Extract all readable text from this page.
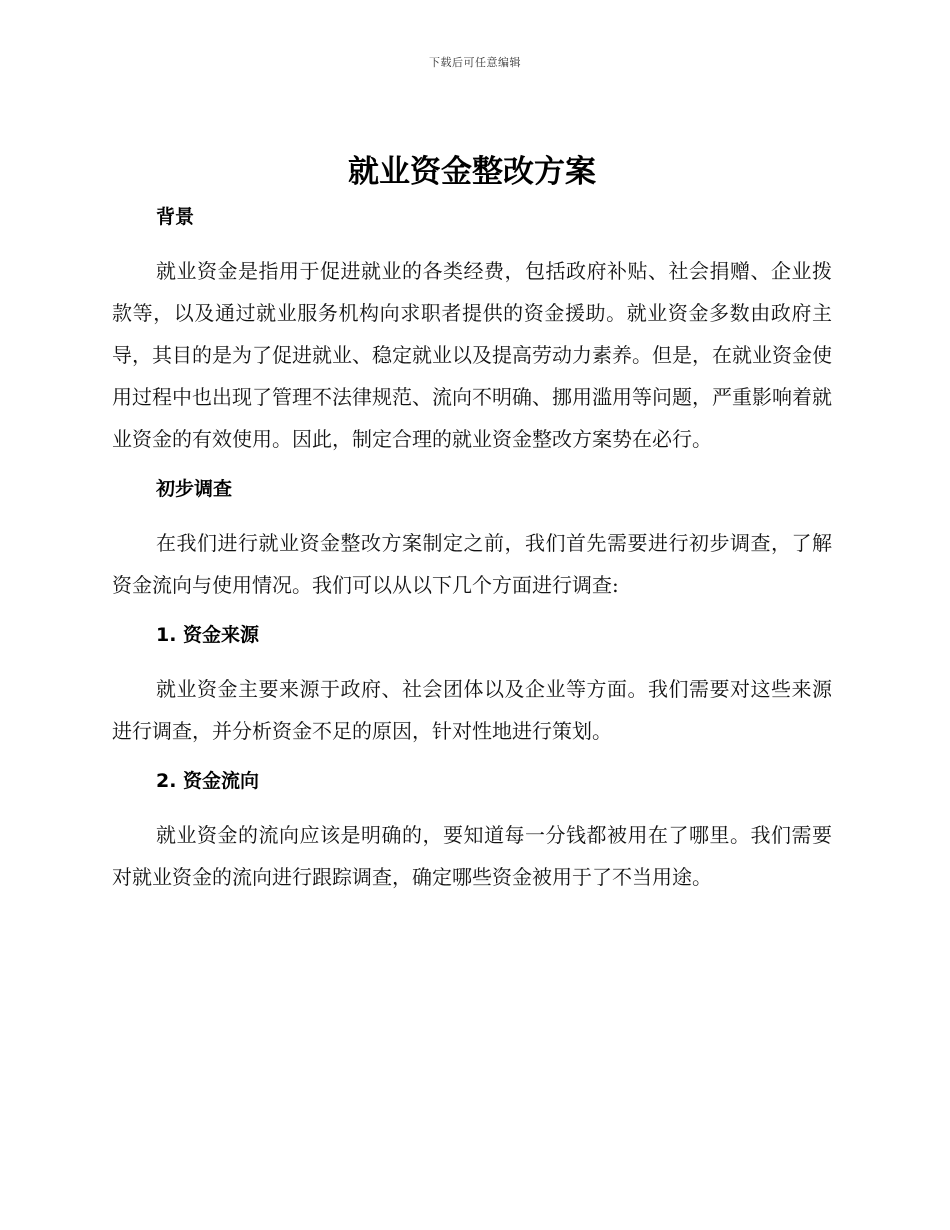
下载后可任意编辑
就业资金整改方案
背景

就业资金是指用于促进就业的各类经费，包括政府补贴、社会捐赠、企业拨款等，以及通过就业服务机构向求职者提供的资金援助。就业资金多数由政府主导，其目的是为了促进就业、稳定就业以及提高劳动力素养。但是，在就业资金使用过程中也出现了管理不法律规范、流向不明确、挪用滥用等问题，严重影响着就业资金的有效使用。因此，制定合理的就业资金整改方案势在必行。

初步调查

在我们进行就业资金整改方案制定之前，我们首先需要进行初步调查，了解资金流向与使用情况。我们可以从以下几个方面进行调查:

1. 资金来源

就业资金主要来源于政府、社会团体以及企业等方面。我们需要对这些来源进行调查，并分析资金不足的原因，针对性地进行策划。

2. 资金流向

就业资金的流向应该是明确的，要知道每一分钱都被用在了哪里。我们需要对就业资金的流向进行跟踪调查，确定哪些资金被用于了不当用途。
